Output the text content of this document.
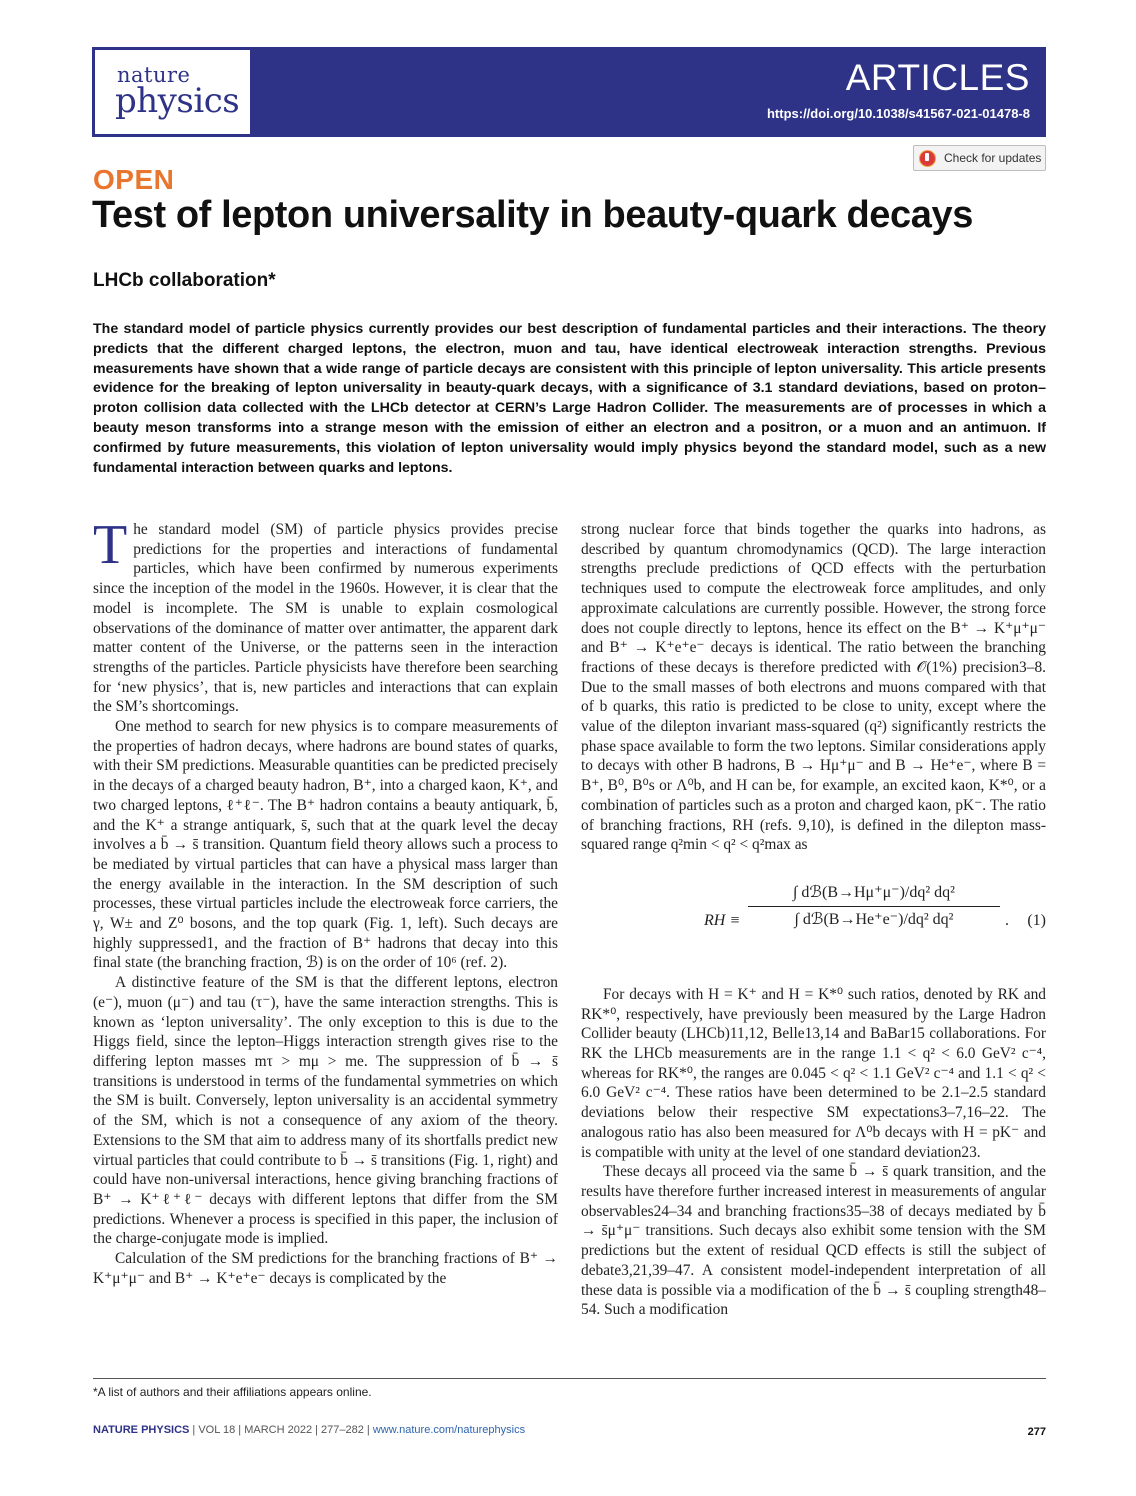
nature
physics
ARTICLES
https://doi.org/10.1038/s41567-021-01478-8
Check for updates
OPEN
Test of lepton universality in beauty-quark decays
LHCb collaboration*
The standard model of particle physics currently provides our best description of fundamental particles and their interactions. The theory predicts that the different charged leptons, the electron, muon and tau, have identical electroweak interaction strengths. Previous measurements have shown that a wide range of particle decays are consistent with this principle of lepton universality. This article presents evidence for the breaking of lepton universality in beauty-quark decays, with a significance of 3.1 standard deviations, based on proton–proton collision data collected with the LHCb detector at CERN’s Large Hadron Collider. The measurements are of processes in which a beauty meson transforms into a strange meson with the emission of either an electron and a positron, or a muon and an antimuon. If confirmed by future measurements, this violation of lepton universality would imply physics beyond the standard model, such as a new fundamental interaction between quarks and leptons.

The standard model (SM) of particle physics provides precise predictions for the properties and interactions of fundamental particles, which have been confirmed by numerous experiments since the inception of the model in the 1960s. However, it is clear that the model is incomplete. The SM is unable to explain cosmological observations of the dominance of matter over antimatter, the apparent dark matter content of the Universe, or the patterns seen in the interaction strengths of the particles. Particle physicists have therefore been searching for ‘new physics’, that is, new particles and interactions that can explain the SM’s shortcomings.

One method to search for new physics is to compare measurements of the properties of hadron decays, where hadrons are bound states of quarks, with their SM predictions. Measurable quantities can be predicted precisely in the decays of a charged beauty hadron, B⁺, into a charged kaon, K⁺, and two charged leptons, ℓ⁺ℓ⁻. The B⁺ hadron contains a beauty antiquark, b̄, and the K⁺ a strange antiquark, s̄, such that at the quark level the decay involves a b̄ → s̄ transition. Quantum field theory allows such a process to be mediated by virtual particles that can have a physical mass larger than the energy available in the interaction. In the SM description of such processes, these virtual particles include the electroweak force carriers, the γ, W± and Z⁰ bosons, and the top quark (Fig. 1, left). Such decays are highly suppressed1, and the fraction of B⁺ hadrons that decay into this final state (the branching fraction, ℬ) is on the order of 10⁶ (ref. 2).

A distinctive feature of the SM is that the different leptons, electron (e⁻), muon (μ⁻) and tau (τ⁻), have the same interaction strengths. This is known as ‘lepton universality’. The only exception to this is due to the Higgs field, since the lepton–Higgs interaction strength gives rise to the differing lepton masses mτ > mμ > me. The suppression of b̄ → s̄ transitions is understood in terms of the fundamental symmetries on which the SM is built. Conversely, lepton universality is an accidental symmetry of the SM, which is not a consequence of any axiom of the theory. Extensions to the SM that aim to address many of its shortfalls predict new virtual particles that could contribute to b̄ → s̄ transitions (Fig. 1, right) and could have non-universal interactions, hence giving branching fractions of B⁺ → K⁺ℓ⁺ℓ⁻ decays with different leptons that differ from the SM predictions. Whenever a process is specified in this paper, the inclusion of the charge-conjugate mode is implied.

Calculation of the SM predictions for the branching fractions of B⁺ → K⁺μ⁺μ⁻ and B⁺ → K⁺e⁺e⁻ decays is complicated by the

strong nuclear force that binds together the quarks into hadrons, as described by quantum chromodynamics (QCD). The large interaction strengths preclude predictions of QCD effects with the perturbation techniques used to compute the electroweak force amplitudes, and only approximate calculations are currently possible. However, the strong force does not couple directly to leptons, hence its effect on the B⁺ → K⁺μ⁺μ⁻ and B⁺ → K⁺e⁺e⁻ decays is identical. The ratio between the branching fractions of these decays is therefore predicted with 𝒪(1%) precision3–8. Due to the small masses of both electrons and muons compared with that of b quarks, this ratio is predicted to be close to unity, except where the value of the dilepton invariant mass-squared (q²) significantly restricts the phase space available to form the two leptons. Similar considerations apply to decays with other B hadrons, B → Hμ⁺μ⁻ and B → He⁺e⁻, where B = B⁺, B⁰, B⁰s or Λ⁰b, and H can be, for example, an excited kaon, K*⁰, or a combination of particles such as a proton and charged kaon, pK⁻. The ratio of branching fractions, RH (refs. 9,10), is defined in the dilepton mass-squared range q²min < q² < q²max as

RH ≡
∫ dℬ(B→Hμ⁺μ⁻)/dq² dq²
∫ dℬ(B→He⁺e⁻)/dq² dq²	. (1)

For decays with H = K⁺ and H = K*⁰ such ratios, denoted by RK and RK*⁰, respectively, have previously been measured by the Large Hadron Collider beauty (LHCb)11,12, Belle13,14 and BaBar15 collaborations. For RK the LHCb measurements are in the range 1.1 < q² < 6.0 GeV² c⁻⁴, whereas for RK*⁰, the ranges are 0.045 < q² < 1.1 GeV² c⁻⁴ and 1.1 < q² < 6.0 GeV² c⁻⁴. These ratios have been determined to be 2.1–2.5 standard deviations below their respective SM expectations3–7,16–22. The analogous ratio has also been measured for Λ⁰b decays with H = pK⁻ and is compatible with unity at the level of one standard deviation23.

These decays all proceed via the same b̄ → s̄ quark transition, and the results have therefore further increased interest in measurements of angular observables24–34 and branching fractions35–38 of decays mediated by b̄ → s̄μ⁺μ⁻ transitions. Such decays also exhibit some tension with the SM predictions but the extent of residual QCD effects is still the subject of debate3,21,39–47. A consistent model-independent interpretation of all these data is possible via a modification of the b̄ → s̄ coupling strength48–54. Such a modification

*A list of authors and their affiliations appears online.
NATURE PHYSICS | VOL 18 | MARCH 2022 | 277–282 | www.nature.com/naturephysics	277
